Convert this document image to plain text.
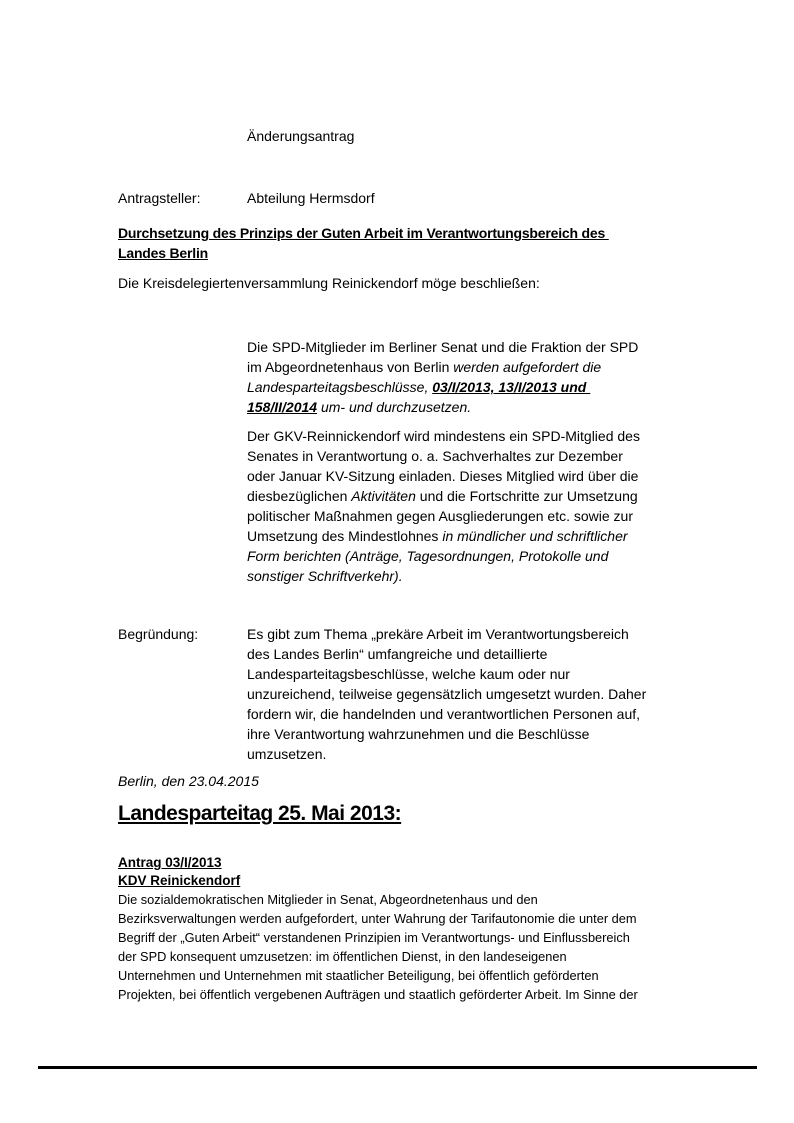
Änderungsantrag
Antragsteller:	Abteilung Hermsdorf
Durchsetzung des Prinzips der Guten Arbeit im Verantwortungsbereich des
Landes Berlin
Die Kreisdelegiertenversammlung Reinickendorf möge beschließen:
Die SPD-Mitglieder im Berliner Senat und die Fraktion der SPD
im Abgeordnetenhaus von Berlin werden aufgefordert die
Landesparteitagsbeschlüsse, 03/I/2013, 13/I/2013 und
158/II/2014 um- und durchzusetzen.
Der GKV-Reinnickendorf wird mindestens ein SPD-Mitglied des
Senates in Verantwortung o. a. Sachverhaltes zur Dezember
oder Januar KV-Sitzung einladen. Dieses Mitglied wird über die
diesbezüglichen Aktivitäten und die Fortschritte zur Umsetzung
politischer Maßnahmen gegen Ausgliederungen etc. sowie zur
Umsetzung des Mindestlohnes in mündlicher und schriftlicher
Form berichten (Anträge, Tagesordnungen, Protokolle und
sonstiger Schriftverkehr).
Begründung:	Es gibt zum Thema „prekäre Arbeit im Verantwortungsbereich
des Landes Berlin“ umfangreiche und detaillierte
Landesparteitagsbeschlüsse, welche kaum oder nur
unzureichend, teilweise gegensätzlich umgesetzt wurden. Daher
fordern wir, die handelnden und verantwortlichen Personen auf,
ihre Verantwortung wahrzunehmen und die Beschlüsse
umzusetzen.
Berlin, den 23.04.2015
Landesparteitag 25. Mai 2013:
Antrag 03/I/2013
KDV Reinickendorf
Die sozialdemokratischen Mitglieder in Senat, Abgeordnetenhaus und den
Bezirksverwaltungen werden aufgefordert, unter Wahrung der Tarifautonomie die unter dem
Begriff der „Guten Arbeit“ verstandenen Prinzipien im Verantwortungs- und Einflussbereich
der SPD konsequent umzusetzen: im öffentlichen Dienst, in den landeseigenen
Unternehmen und Unternehmen mit staatlicher Beteiligung, bei öffentlich geförderten
Projekten, bei öffentlich vergebenen Aufträgen und staatlich geförderter Arbeit. Im Sinne der
